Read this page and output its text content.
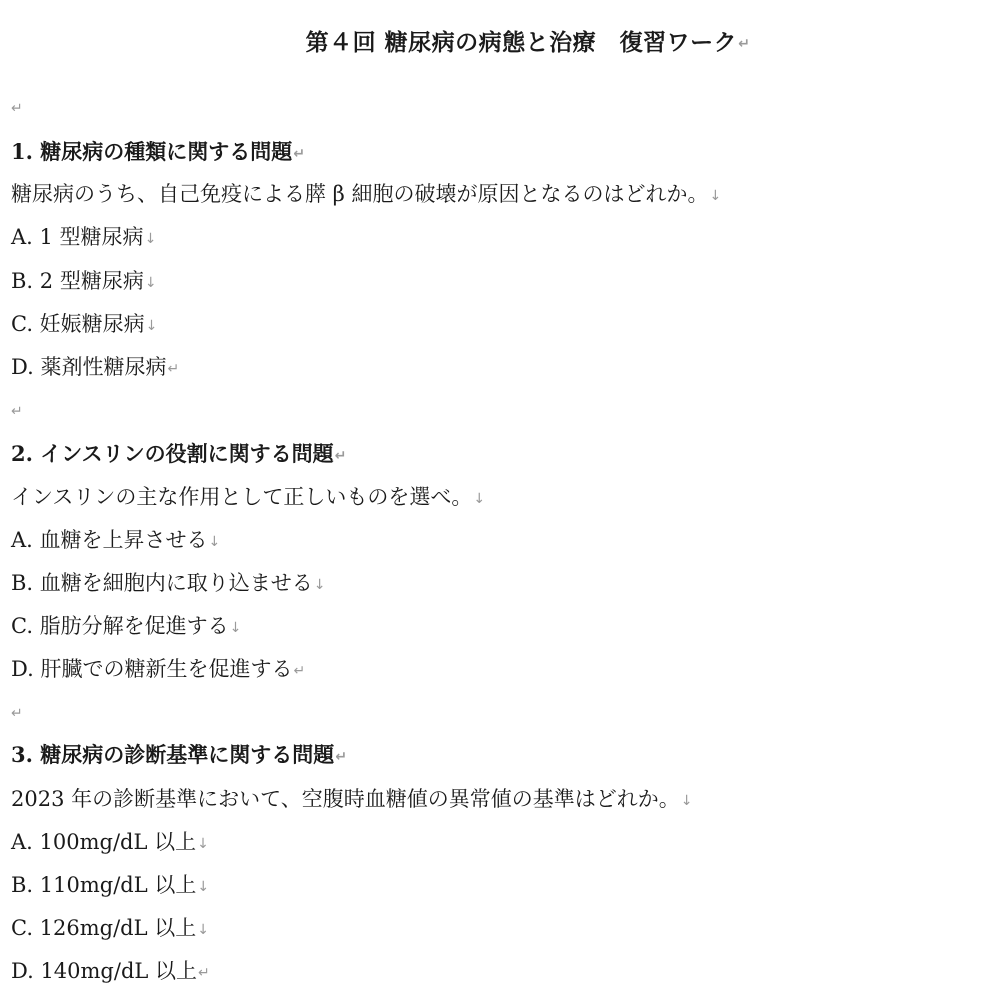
第４回 糖尿病の病態と治療　復習ワーク↵
↵
1. 糖尿病の種類に関する問題↵
糖尿病のうち、自己免疫による膵 β 細胞の破壊が原因となるのはどれか。↓
A. 1 型糖尿病↓
B. 2 型糖尿病↓
C. 妊娠糖尿病↓
D. 薬剤性糖尿病↵
↵
2. インスリンの役割に関する問題↵
インスリンの主な作用として正しいものを選べ。↓
A. 血糖を上昇させる↓
B. 血糖を細胞内に取り込ませる↓
C. 脂肪分解を促進する↓
D. 肝臓での糖新生を促進する↵
↵
3. 糖尿病の診断基準に関する問題↵
2023 年の診断基準において、空腹時血糖値の異常値の基準はどれか。↓
A. 100mg/dL 以上↓
B. 110mg/dL 以上↓
C. 126mg/dL 以上↓
D. 140mg/dL 以上↵
